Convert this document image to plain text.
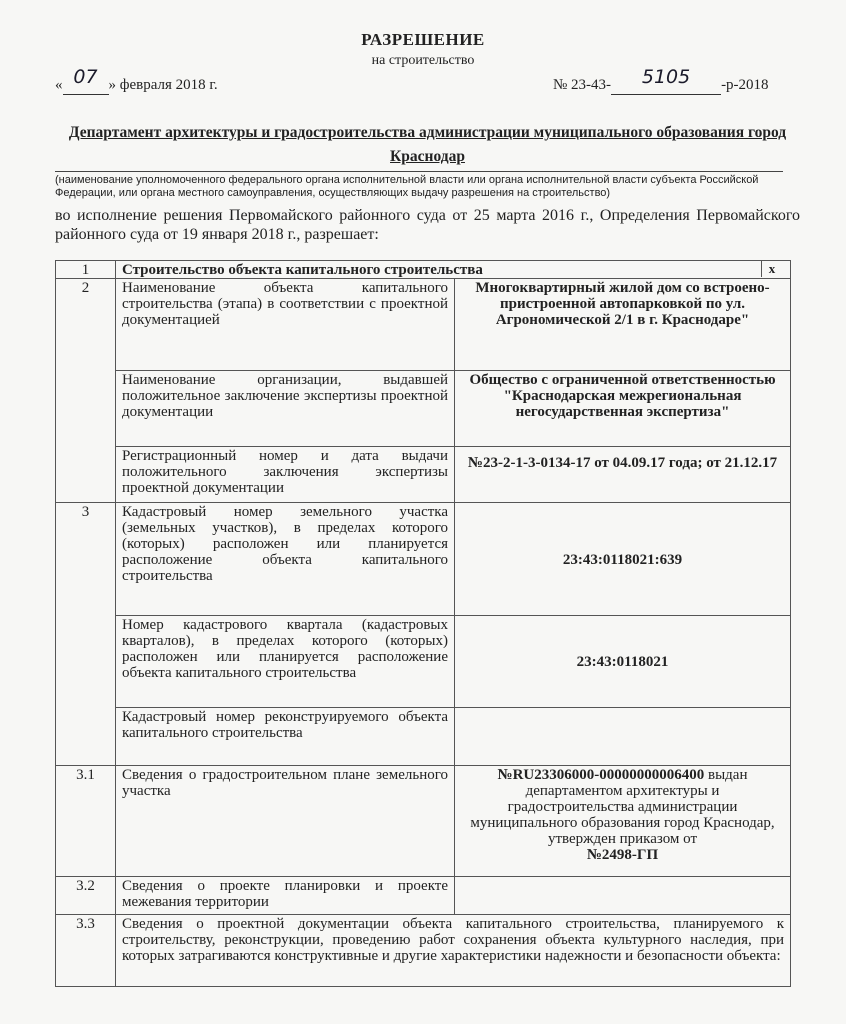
РАЗРЕШЕНИЕ
на строительство
« 07 » февраля 2018 г.	№ 23-43- 5105 -р-2018
Департамент архитектуры и градостроительства администрации муниципального образования город Краснодар
(наименование уполномоченного федерального органа исполнительной власти или органа исполнительной власти субъекта Российской Федерации, или органа местного самоуправления, осуществляющих выдачу разрешения на строительство)
во исполнение решения Первомайского районного суда от 25 марта 2016 г., Определения Первомайского районного суда от 19 января 2018 г., разрешает:
1	Строительство объекта капитального строительства x	

2	Наименование объекта капитального строительства (этапа) в соответствии с проектной документацией	Многоквартирный жилой дом со встроено-пристроенной автопарковкой по ул. Агрономической 2/1 в г. Краснодаре"
	Наименование организации, выдавшей положительное заключение экспертизы проектной документации	Общество с ограниченной ответственностью "Краснодарская межрегиональная негосударственная экспертиза"
	Регистрационный номер и дата выдачи положительного заключения экспертизы проектной документации	№23-2-1-3-0134-17 от 04.09.17 года; от 21.12.17
3	Кадастровый номер земельного участка (земельных участков), в пределах которого (которых) расположен или планируется расположение объекта капитального строительства	23:43:0118021:639
	Номер кадастрового квартала (кадастровых кварталов), в пределах которого (которых) расположен или планируется расположение объекта капитального строительства	23:43:0118021
	Кадастровый номер реконструируемого объекта капитального строительства	
3.1	Сведения о градостроительном плане земельного участка	№RU23306000-00000000006400 выдан департаментом архитектуры и градостроительства администрации муниципального образования город Краснодар, утвержден приказом от
№2498-ГП
3.2	Сведения о проекте планировки и проекте межевания территории	
3.3	Сведения о проектной документации объекта капитального строительства, планируемого к строительству, реконструкции, проведению работ сохранения объекта культурного наследия, при которых затрагиваются конструктивные и другие характеристики надежности и безопасности объекта:	
